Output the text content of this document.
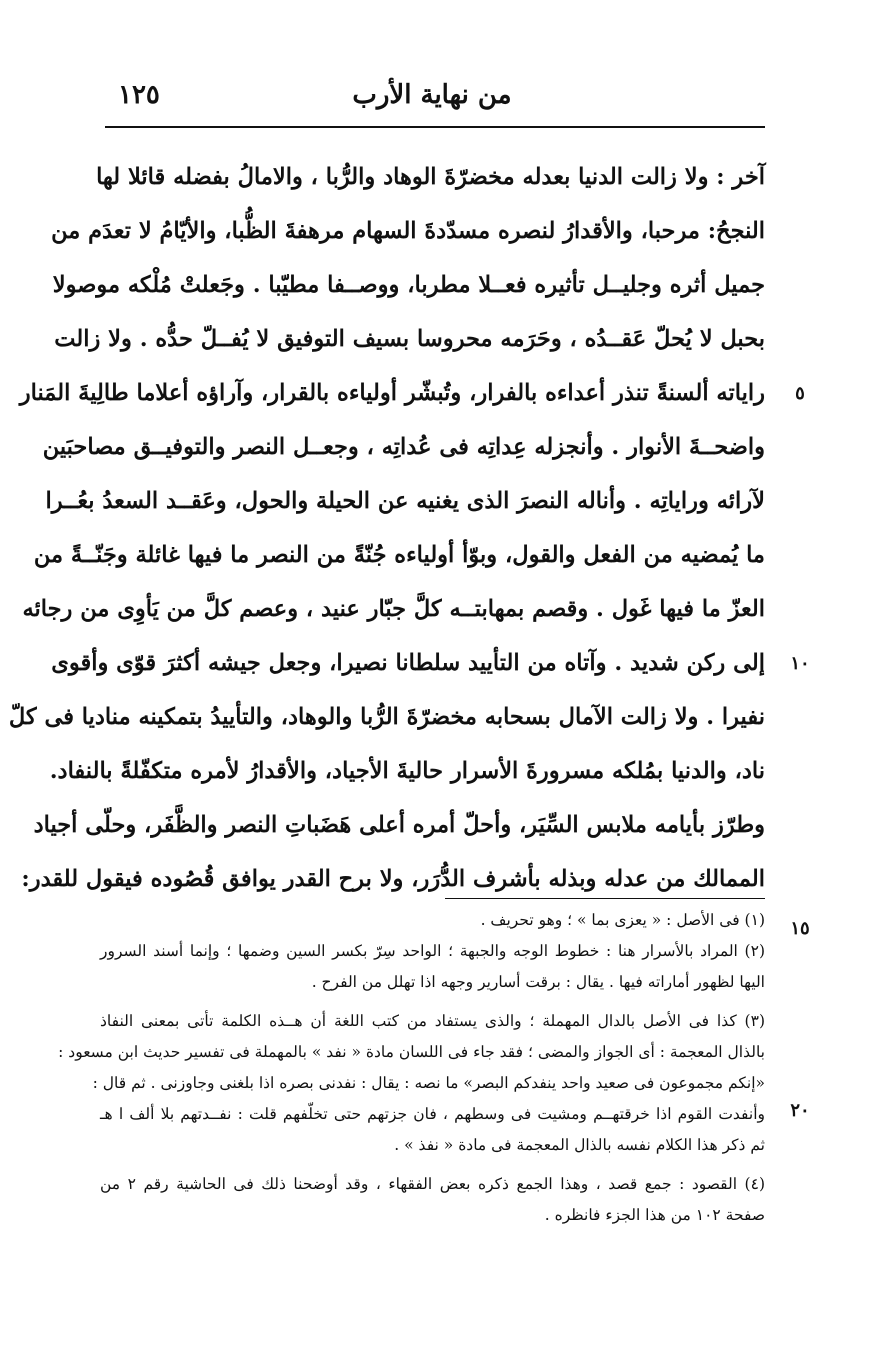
١٢٥	من نهاية الأرب
آخر : ولا زالت الدنيا بعدله مخضرّةَ الوهاد والرُّبا ، والامالُ بفضله قائلا لها
النجحُ: مرحبا، والأقدارُ لنصره مسدّدةَ السهام مرهفةَ الظُّبا، والأيّامُ لا تعدَم من
جميل أثره وجليــل تأثيره فعــلا مطربا، ووصــفا مطيّبا . وجَعلتْ مُلْكه موصولا
بحبل لا يُحلّ عَقــدُه ، وحَرَمه محروسا بسيف التوفيق لا يُفــلّ حدُّه . ولا زالت
راياته ألسنةً تنذر أعداءه بالفرار، وتُبشّر أولياءه بالقرار، وآراؤه أعلاما طالِيةَ المَنار
واضحــةَ الأنوار . وأنجزله عِداتِه فى عُداتِه ، وجعــل النصر والتوفيــق مصاحبَين
لآرائه وراياتِه . وأناله النصرَ الذى يغنيه عن الحيلة والحول، وعَقــد السعدُ بعُــرا
ما يُمضيه من الفعل والقول، وبوّأ أولياءه جُنّةً من النصر ما فيها غائلة وجَنّــةً من
العزّ ما فيها غَول . وقصم بمهابتــه كلَّ جبّار عنيد ، وعصم كلَّ من يَأوِى من رجائه
إلى ركن شديد . وآتاه من التأييد سلطانا نصيرا، وجعل جيشه أكثرَ قوّى وأقوى
نفيرا . ولا زالت الآمال بسحابه مخضرّةَ الرُّبا والوهاد، والتأييدُ بتمكينه مناديا فى كلّ
ناد، والدنيا بمُلكه مسرورةَ الأسرار حاليةَ الأجياد، والأقدارُ لأمره متكفّلةً بالنفاد.
وطرّز بأيامه ملابس السِّيَر، وأحلّ أمره أعلى هَضَباتِ النصر والظَّفَر، وحلّى أجياد
الممالك من عدله وبذله بأشرف الدُّرَر، ولا برح القدر يوافق قُصُوده فيقول للقدر:
(١) فى الأصل : « يعزى بما » ؛ وهو تحريف .
(٢) المراد بالأسرار هنا : خطوط الوجه والجبهة ؛ الواحد سِرّ بكسر السين وضمها ؛ وإنما أسند السرور
اليها لظهور أماراته فيها . يقال : برقت أسارير وجهه اذا تهلل من الفرح .
(٣) كذا فى الأصل بالدال المهملة ؛ والذى يستفاد من كتب اللغة أن هــذه الكلمة تأتى بمعنى النفاذ
بالذال المعجمة : أى الجواز والمضى ؛ فقد جاء فى اللسان مادة « نفد » بالمهملة فى تفسير حديث ابن مسعود :
«إنكم مجموعون فى صعيد واحد ينفدكم البصر» ما نصه : يقال : نفدنى بصره اذا بلغنى وجاوزنى . ثم قال :
وأنفدت القوم اذا خرقتهــم ومشيت فى وسطهم ، فان جزتهم حتى تخلّفهم قلت : نفــدتهم بلا ألف ا هـ
ثم ذكر هذا الكلام نفسه بالذال المعجمة فى مادة « نفذ » .
(٤) القصود : جمع قصد ، وهذا الجمع ذكره بعض الفقهاء ، وقد أوضحنا ذلك فى الحاشية رقم ٢ من
صفحة ١٠٢ من هذا الجزء فانظره .
٥
١٠
١٥
٢٠
